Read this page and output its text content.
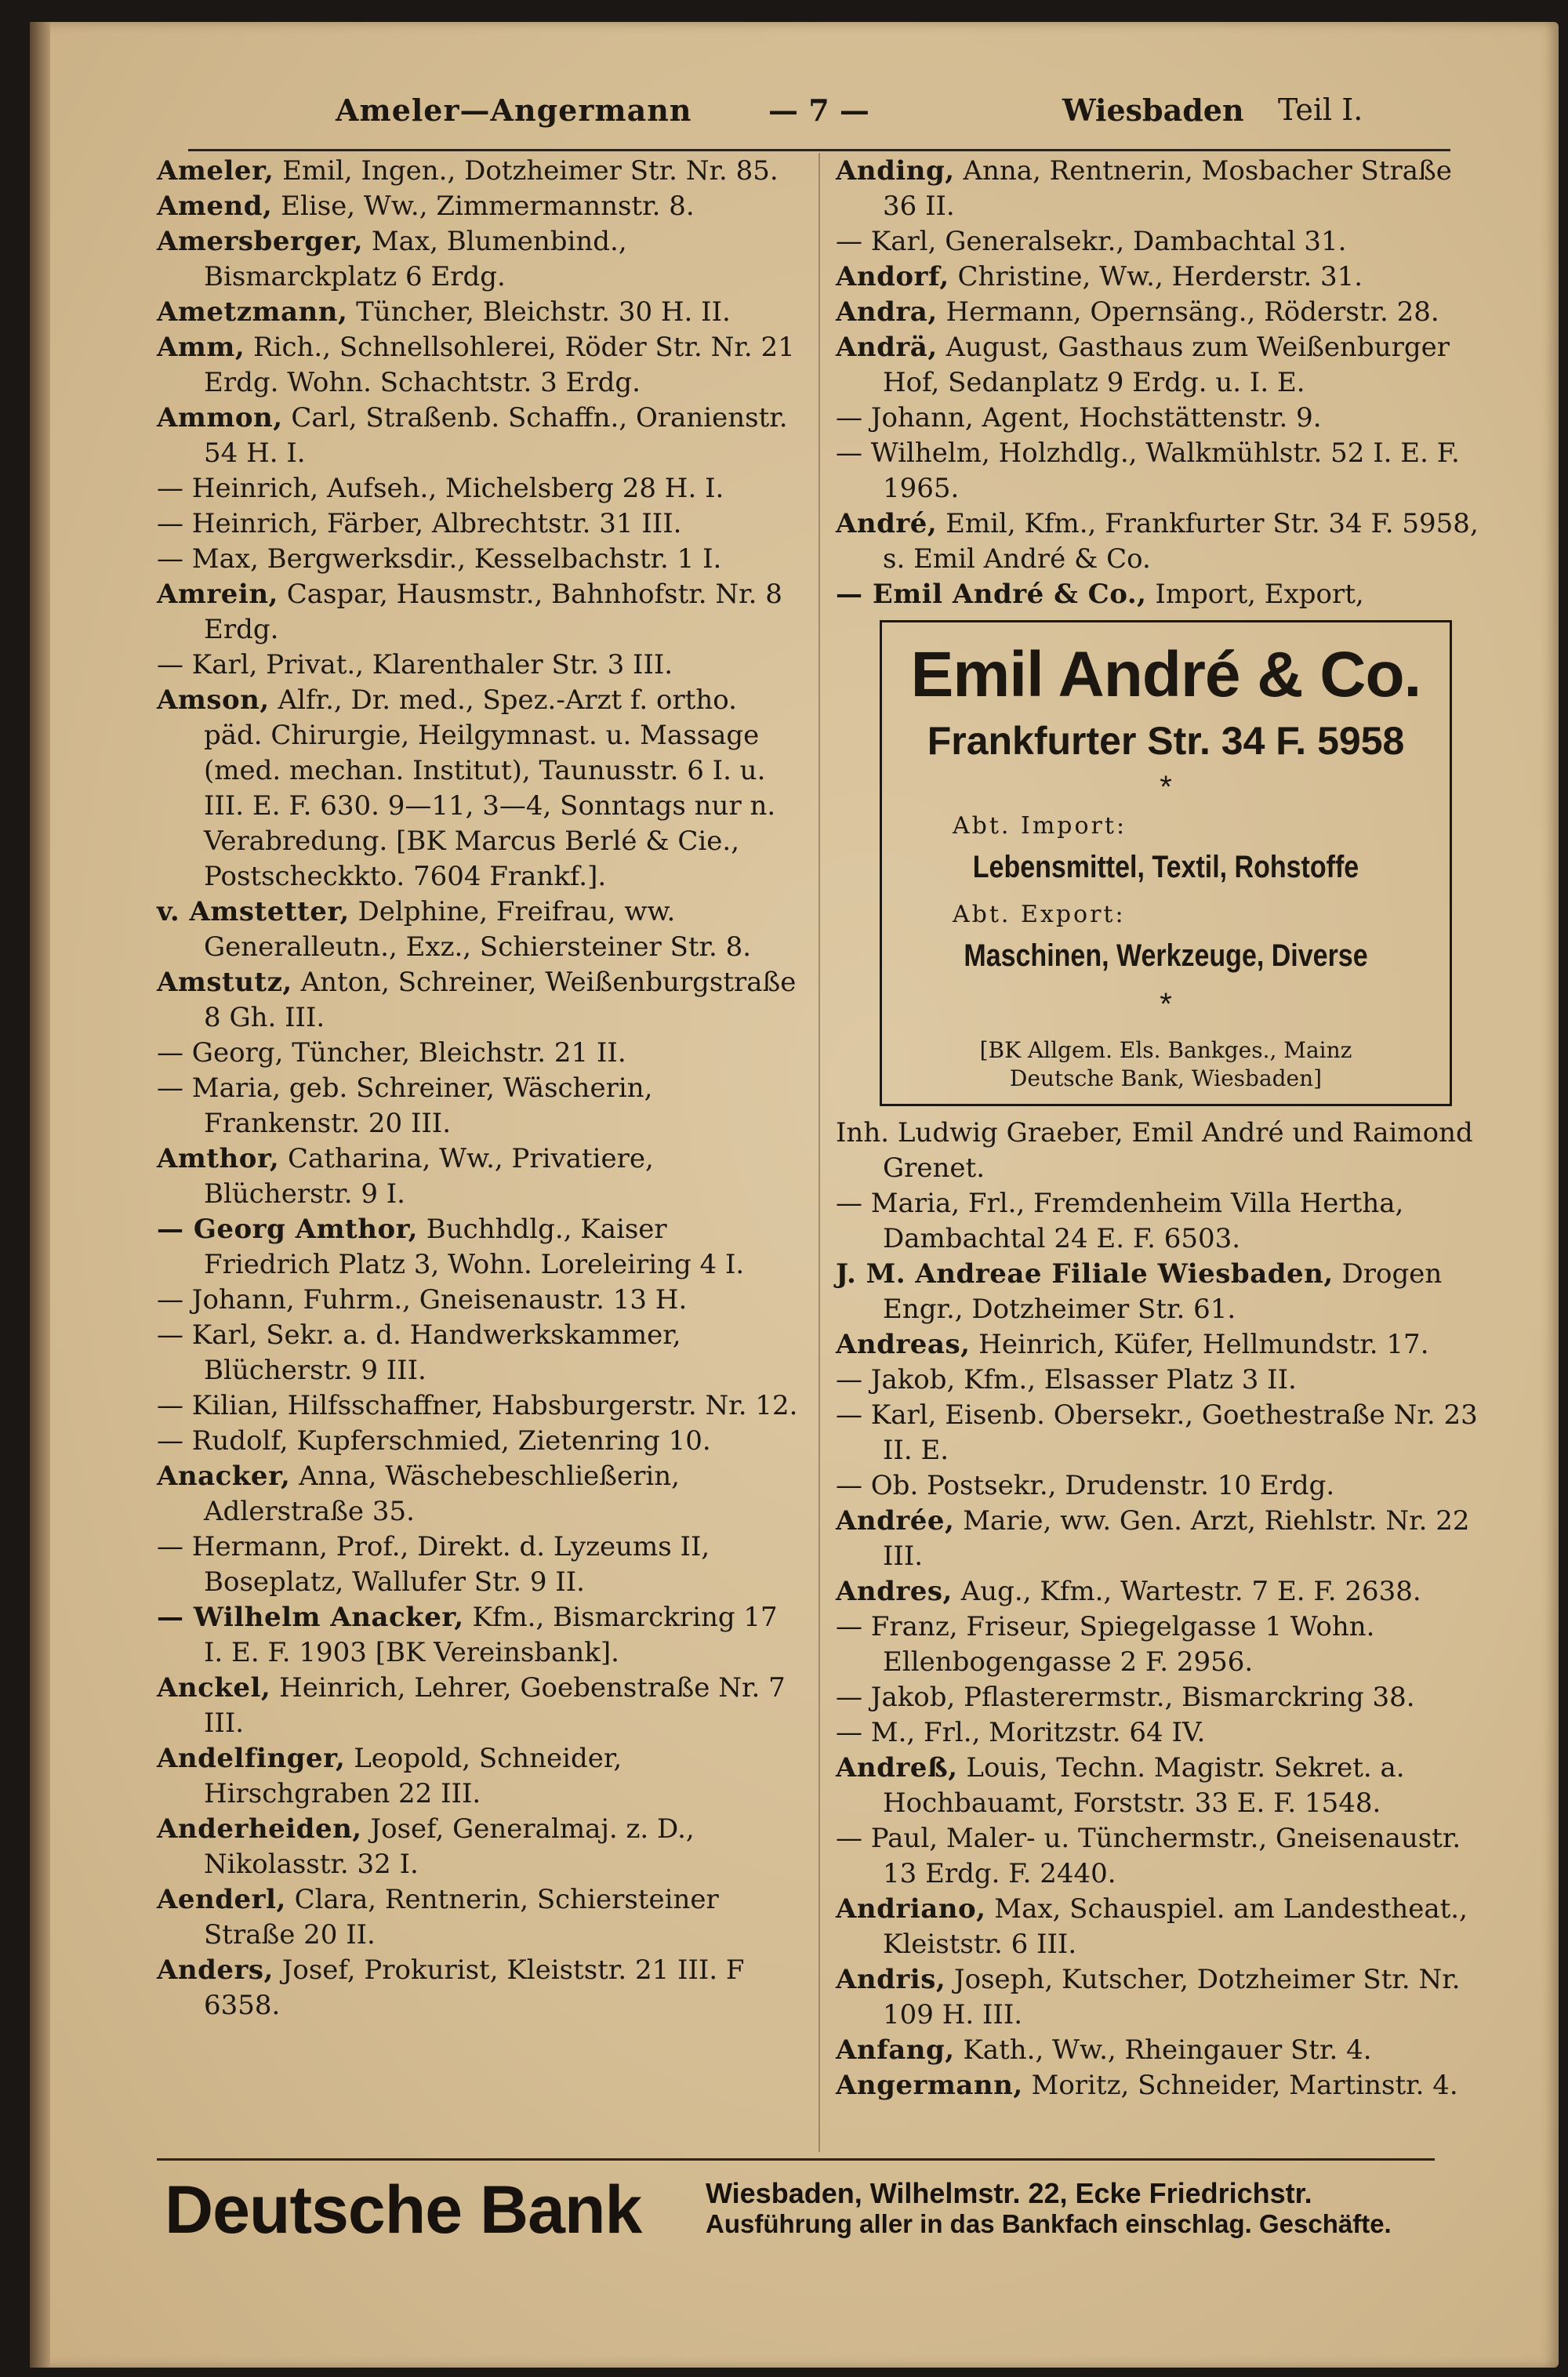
Ameler—Angermann	— 7 —	Wiesbaden Teil I.

Ameler, Emil, Ingen., Dotzheimer Str. Nr. 85.

Amend, Elise, Ww., Zimmermannstr. 8.

Amersberger, Max, Blumenbind., Bismarckplatz 6 Erdg.

Ametzmann, Tüncher, Bleichstr. 30 H. II.

Amm, Rich., Schnellsohlerei, Röder Str. Nr. 21 Erdg. Wohn. Schachtstr. 3 Erdg.

Ammon, Carl, Straßenb. Schaffn., Oranienstr. 54 H. I.

— Heinrich, Aufseh., Michelsberg 28 H. I.

— Heinrich, Färber, Albrechtstr. 31 III.

— Max, Bergwerksdir., Kesselbachstr. 1 I.

Amrein, Caspar, Hausmstr., Bahnhofstr. Nr. 8 Erdg.

— Karl, Privat., Klarenthaler Str. 3 III.

Amson, Alfr., Dr. med., Spez.-Arzt f. ortho. päd. Chirurgie, Heilgymnast. u. Massage (med. mechan. Institut), Taunusstr. 6 I. u. III. E. F. 630. 9—11, 3—4, Sonntags nur n. Verabredung. [BK Marcus Berlé & Cie., Postscheckkto. 7604 Frankf.].

v. Amstetter, Delphine, Freifrau, ww. Generalleutn., Exz., Schiersteiner Str. 8.

Amstutz, Anton, Schreiner, Weißenburgstraße 8 Gh. III.

— Georg, Tüncher, Bleichstr. 21 II.

— Maria, geb. Schreiner, Wäscherin, Frankenstr. 20 III.

Amthor, Catharina, Ww., Privatiere, Blücherstr. 9 I.

— Georg Amthor, Buchhdlg., Kaiser Friedrich Platz 3, Wohn. Loreleiring 4 I.

— Johann, Fuhrm., Gneisenaustr. 13 H.

— Karl, Sekr. a. d. Handwerkskammer, Blücherstr. 9 III.

— Kilian, Hilfsschaffner, Habsburgerstr. Nr. 12.

— Rudolf, Kupferschmied, Zietenring 10.

Anacker, Anna, Wäschebeschließerin, Adlerstraße 35.

— Hermann, Prof., Direkt. d. Lyzeums II, Boseplatz, Wallufer Str. 9 II.

— Wilhelm Anacker, Kfm., Bismarckring 17 I. E. F. 1903 [BK Vereinsbank].

Anckel, Heinrich, Lehrer, Goebenstraße Nr. 7 III.

Andelfinger, Leopold, Schneider, Hirschgraben 22 III.

Anderheiden, Josef, Generalmaj. z. D., Nikolasstr. 32 I.

Aenderl, Clara, Rentnerin, Schiersteiner Straße 20 II.

Anders, Josef, Prokurist, Kleiststr. 21 III. F 6358.

Anding, Anna, Rentnerin, Mosbacher Straße 36 II.

— Karl, Generalsekr., Dambachtal 31.

Andorf, Christine, Ww., Herderstr. 31.

Andra, Hermann, Opernsäng., Röderstr. 28.

Andrä, August, Gasthaus zum Weißenburger Hof, Sedanplatz 9 Erdg. u. I. E.

— Johann, Agent, Hochstättenstr. 9.

— Wilhelm, Holzhdlg., Walkmühlstr. 52 I. E. F. 1965.

André, Emil, Kfm., Frankfurter Str. 34 F. 5958, s. Emil André & Co.

— Emil André & Co., Import, Export,

Emil André & Co.
Frankfurter Str. 34 F. 5958
*
Abt. Import:
Lebensmittel, Textil, Rohstoffe
Abt. Export:
Maschinen, Werkzeuge, Diverse
*
[BK Allgem. Els. Bankges., Mainz
Deutsche Bank, Wiesbaden]

Inh. Ludwig Graeber, Emil André und Raimond Grenet.

— Maria, Frl., Fremdenheim Villa Hertha, Dambachtal 24 E. F. 6503.

J. M. Andreae Filiale Wiesbaden, Drogen Engr., Dotzheimer Str. 61.

Andreas, Heinrich, Küfer, Hellmundstr. 17.

— Jakob, Kfm., Elsasser Platz 3 II.

— Karl, Eisenb. Obersekr., Goethestraße Nr. 23 II. E.

— Ob. Postsekr., Drudenstr. 10 Erdg.

Andrée, Marie, ww. Gen. Arzt, Riehlstr. Nr. 22 III.

Andres, Aug., Kfm., Wartestr. 7 E. F. 2638.

— Franz, Friseur, Spiegelgasse 1 Wohn. Ellenbogengasse 2 F. 2956.

— Jakob, Pflasterermstr., Bismarckring 38.

— M., Frl., Moritzstr. 64 IV.

Andreß, Louis, Techn. Magistr. Sekret. a. Hochbauamt, Forststr. 33 E. F. 1548.

— Paul, Maler- u. Tünchermstr., Gneisenaustr. 13 Erdg. F. 2440.

Andriano, Max, Schauspiel. am Landestheat., Kleiststr. 6 III.

Andris, Joseph, Kutscher, Dotzheimer Str. Nr. 109 H. III.

Anfang, Kath., Ww., Rheingauer Str. 4.

Angermann, Moritz, Schneider, Martinstr. 4.

Deutsche Bank	Wiesbaden, Wilhelmstr. 22, Ecke Friedrichstr.
Ausführung aller in das Bankfach einschlag. Geschäfte.
